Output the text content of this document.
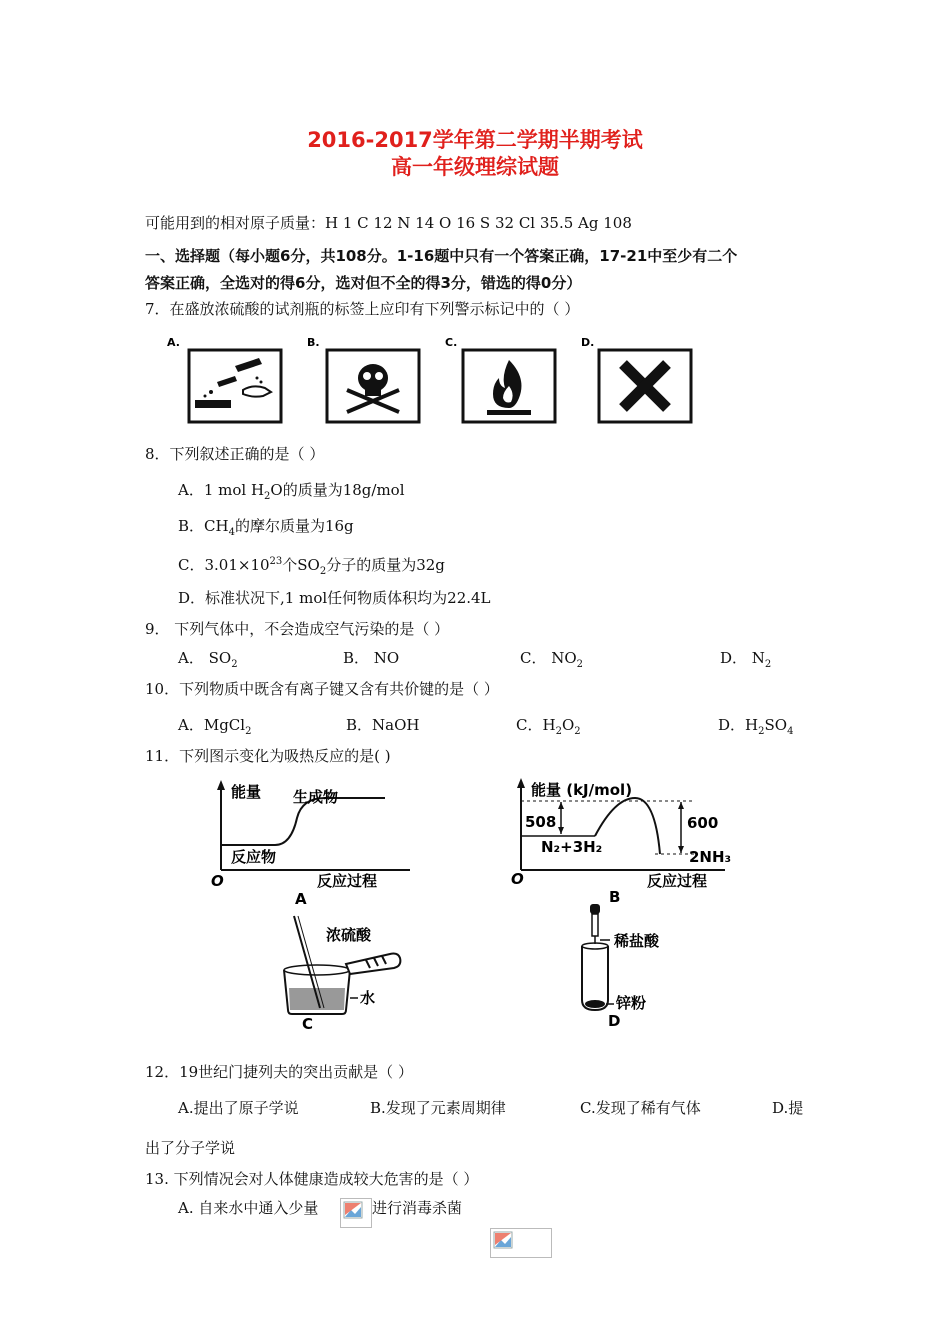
2016-2017学年第二学期半期考试
高一年级理综试题
可能用到的相对原子质量：H 1 C 12 N 14 O 16 S 32 Cl 35.5 Ag 108
一、选择题（每小题6分，共108分。1-16题中只有一个答案正确，17-21中至少有二个
答案正确，全选对的得6分，选对但不全的得3分，错选的得0分）
7．在盛放浓硫酸的试剂瓶的标签上应印有下列警示标记中的（ ）
A.	B.	C.	D.
8．下列叙述正确的是（ ）
A．1 mol $H_2O$的质量为18g/mol
B．$CH_4$的摩尔质量为16g
C．$3.01\times 10^{23}$个$SO_2$分子的质量为32g
D．标准状况下,1 mol任何物质体积均为22.4L
9． 下列气体中，不会造成空气污染的是（ ）
A． $SO_2$	B． NO	C． $NO_2$	D． $N_2$
10．下列物质中既含有离子键又含有共价键的是（ ）
A．MgCl$_2$	B．NaOH	C．$H_2O_2$	D．$H_2SO_4$
11．下列图示变化为吸热反应的是( )
能量 生成物
反应物
O	反应过程
A
能量 (kJ/mol)
508	600
N₂+3H₂
2NH₃
O	反应过程
B
浓硫酸
水
C
稀盐酸
锌粉
D
12．19世纪门捷列夫的突出贡献是（ ）
A.提出了原子学说	B.发现了元素周期律	C.发现了稀有气体	D.提
出了分子学说
13. 下列情况会对人体健康造成较大危害的是（ ）
A. 自来水中通入少量	进行消毒杀菌
